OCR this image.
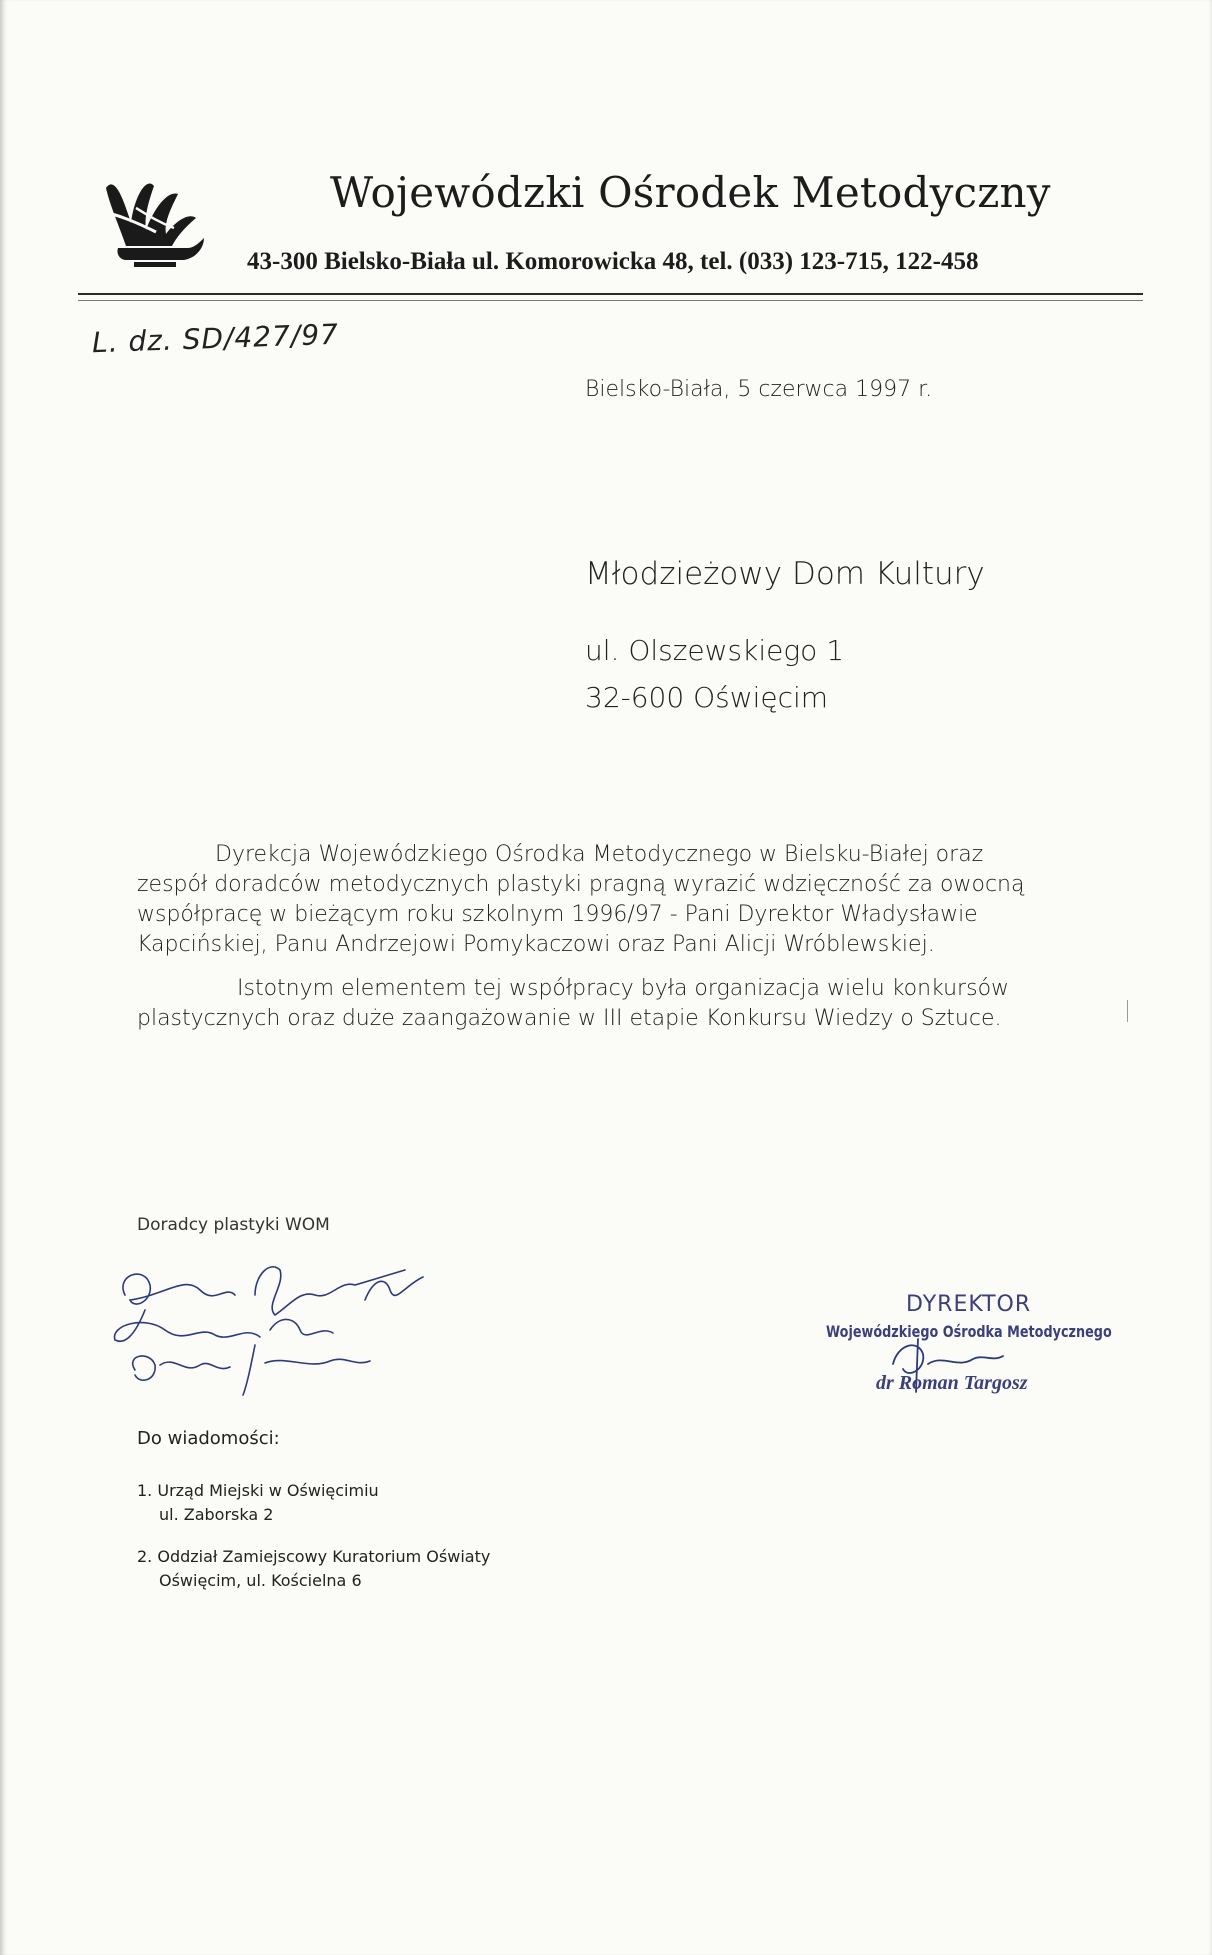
Wojewódzki Ośrodek Metodyczny
43-300 Bielsko-Biała ul. Komorowicka 48, tel. (033) 123-715, 122-458
L. dz. SD/427/97
Bielsko-Biała, 5 czerwca 1997 r.
Młodzieżowy Dom Kultury
ul. Olszewskiego 1
32-600 Oświęcim

Dyrekcja Wojewódzkiego Ośrodka Metodycznego w Bielsku-Białej oraz zespół doradców metodycznych plastyki pragną wyrazić wdzięczność za owocną współpracę w bieżącym roku szkolnym 1996/97 - Pani Dyrektor Władysławie Kapcińskiej, Panu Andrzejowi Pomykaczowi oraz Pani Alicji Wróblewskiej.

Istotnym elementem tej współpracy była organizacja wielu konkursów plastycznych oraz duże zaangażowanie w III etapie Konkursu Wiedzy o Sztuce.

Doradcy plastyki WOM
DYREKTOR
Wojewódzkiego Ośrodka Metodycznego
dr Roman Targosz
Do wiadomości:
1. Urząd Miejski w Oświęcimiu
ul. Zaborska 2
2. Oddział Zamiejscowy Kuratorium Oświaty
Oświęcim, ul. Kościelna 6
